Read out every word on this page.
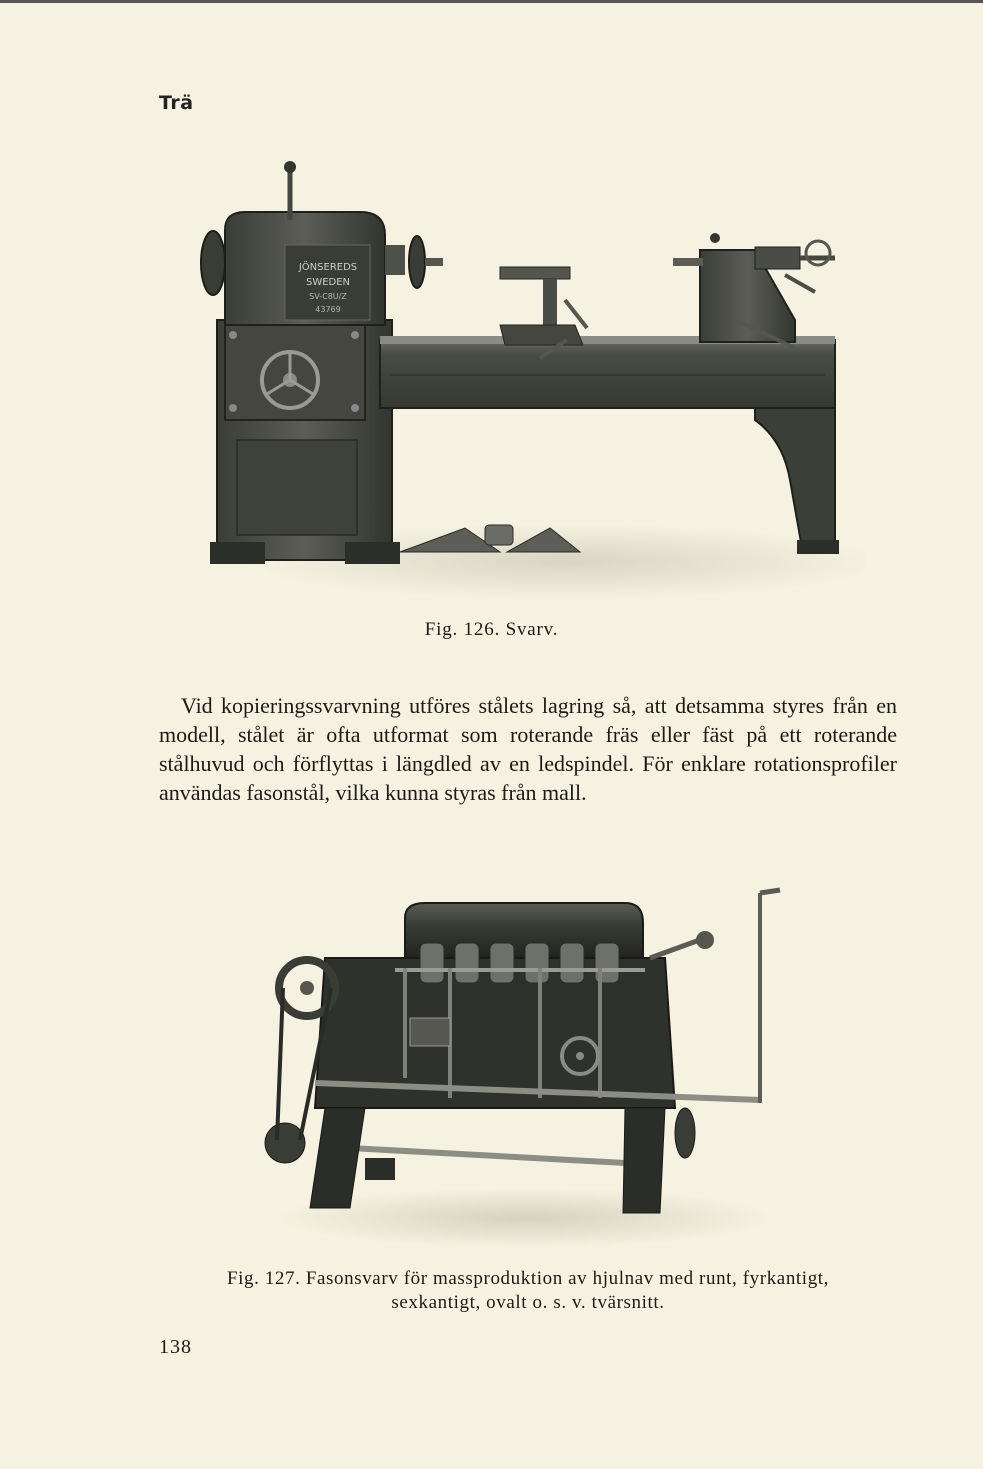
Trä
JÖNSEREDS
SWEDEN
SV-C8U/Z
43769
Fig. 126. Svarv.

Vid kopieringssvarvning utföres stålets lagring så, att detsamma styres från en modell, stålet är ofta utformat som roterande fräs eller fäst på ett roterande stålhuvud och förflyttas i längdled av en ledspindel. För enklare rotationsprofiler användas fasonstål, vilka kunna styras från mall.

Fig. 127. Fasonsvarv för massproduktion av hjulnav med runt, fyrkantigt,
sexkantigt, ovalt o. s. v. tvärsnitt.
138
